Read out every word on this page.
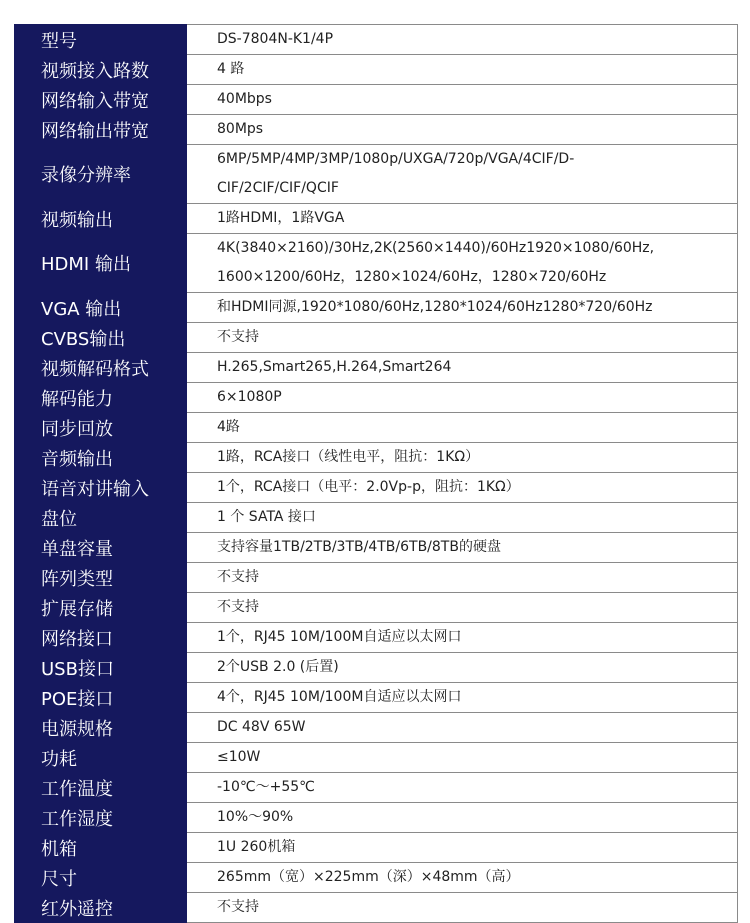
型号	DS-7804N-K1/4P

视频接入路数	4 路

网络输入带宽	40Mbps

网络输出带宽	80Mps

录像分辨率	6MP/5MP/4MP/3MP/1080p/UXGA/720p/VGA/4CIF/D-
CIF/2CIF/CIF/QCIF

视频输出	1路HDMI，1路VGA

HDMI 输出	4K(3840×2160)/30Hz,2K(2560×1440)/60Hz1920×1080/60Hz,
1600×1200/60Hz，1280×1024/60Hz，1280×720/60Hz

VGA 输出	和HDMI同源,1920*1080/60Hz,1280*1024/60Hz1280*720/60Hz

CVBS输出	不支持

视频解码格式	H.265,Smart265,H.264,Smart264

解码能力	6×1080P

同步回放	4路

音频输出	1路，RCA接口（线性电平，阻抗：1KΩ）

语音对讲输入	1个，RCA接口（电平：2.0Vp-p，阻抗：1KΩ）

盘位	1 个 SATA 接口

单盘容量	支持容量1TB/2TB/3TB/4TB/6TB/8TB的硬盘

阵列类型	不支持

扩展存储	不支持

网络接口	1个，RJ45 10M/100M自适应以太网口

USB接口	2个USB 2.0 (后置)

POE接口	4个，RJ45 10M/100M自适应以太网口

电源规格	DC 48V 65W

功耗	≤10W

工作温度	-10℃～+55℃

工作湿度	10%～90%

机箱	1U 260机箱

尺寸	265mm（宽）×225mm（深）×48mm（高）

红外遥控	不支持
